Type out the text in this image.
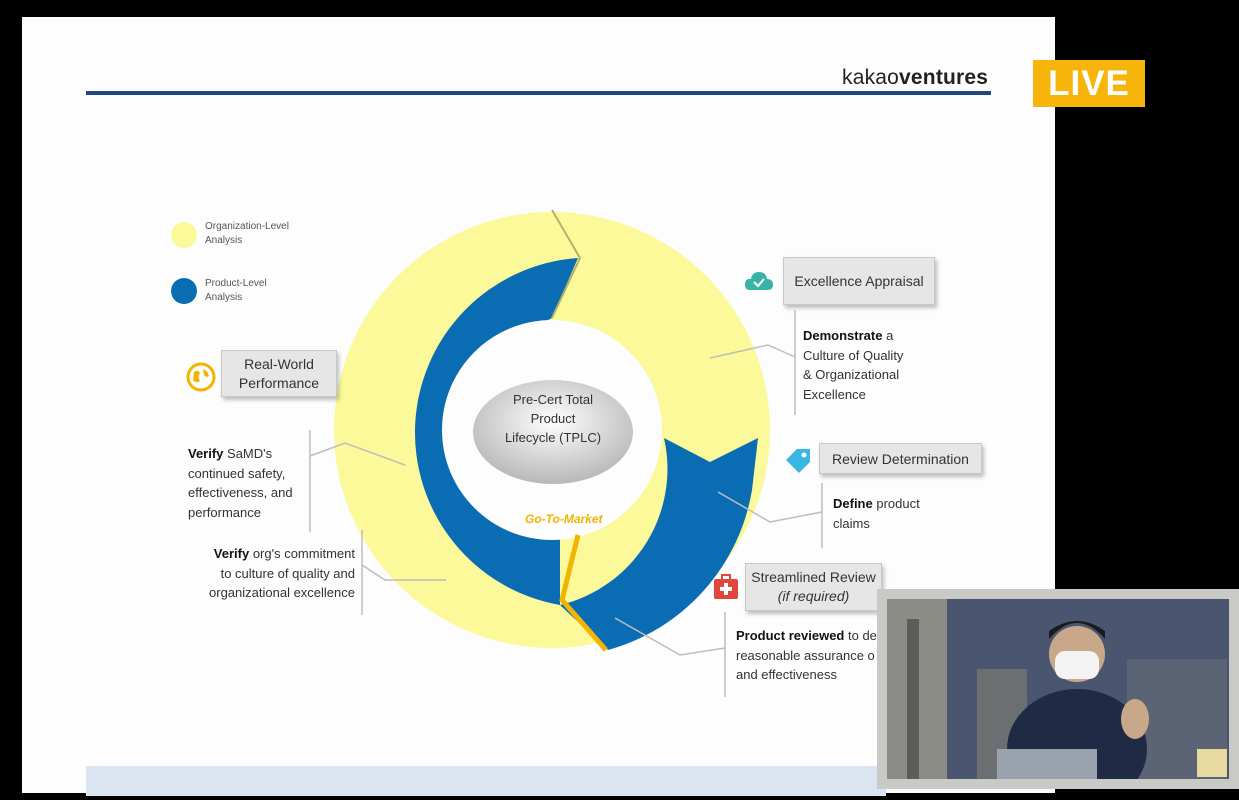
kakaoventures	LIVE
Organization-Level
Analysis
Product-Level
Analysis
Pre-Cert Total
Product
Lifecycle (TPLC)
Go-To-Market
Excellence Appraisal
Demonstrate a
Culture of Quality
& Organizational
Excellence
Review Determination
Define product
claims
Streamlined Review
(if required)
Product reviewed to de
reasonable assurance o
and effectiveness
Real-World
Performance
Verify SaMD's
continued safety,
effectiveness, and
performance
Verify org's commitment
to culture of quality and
organizational excellence
